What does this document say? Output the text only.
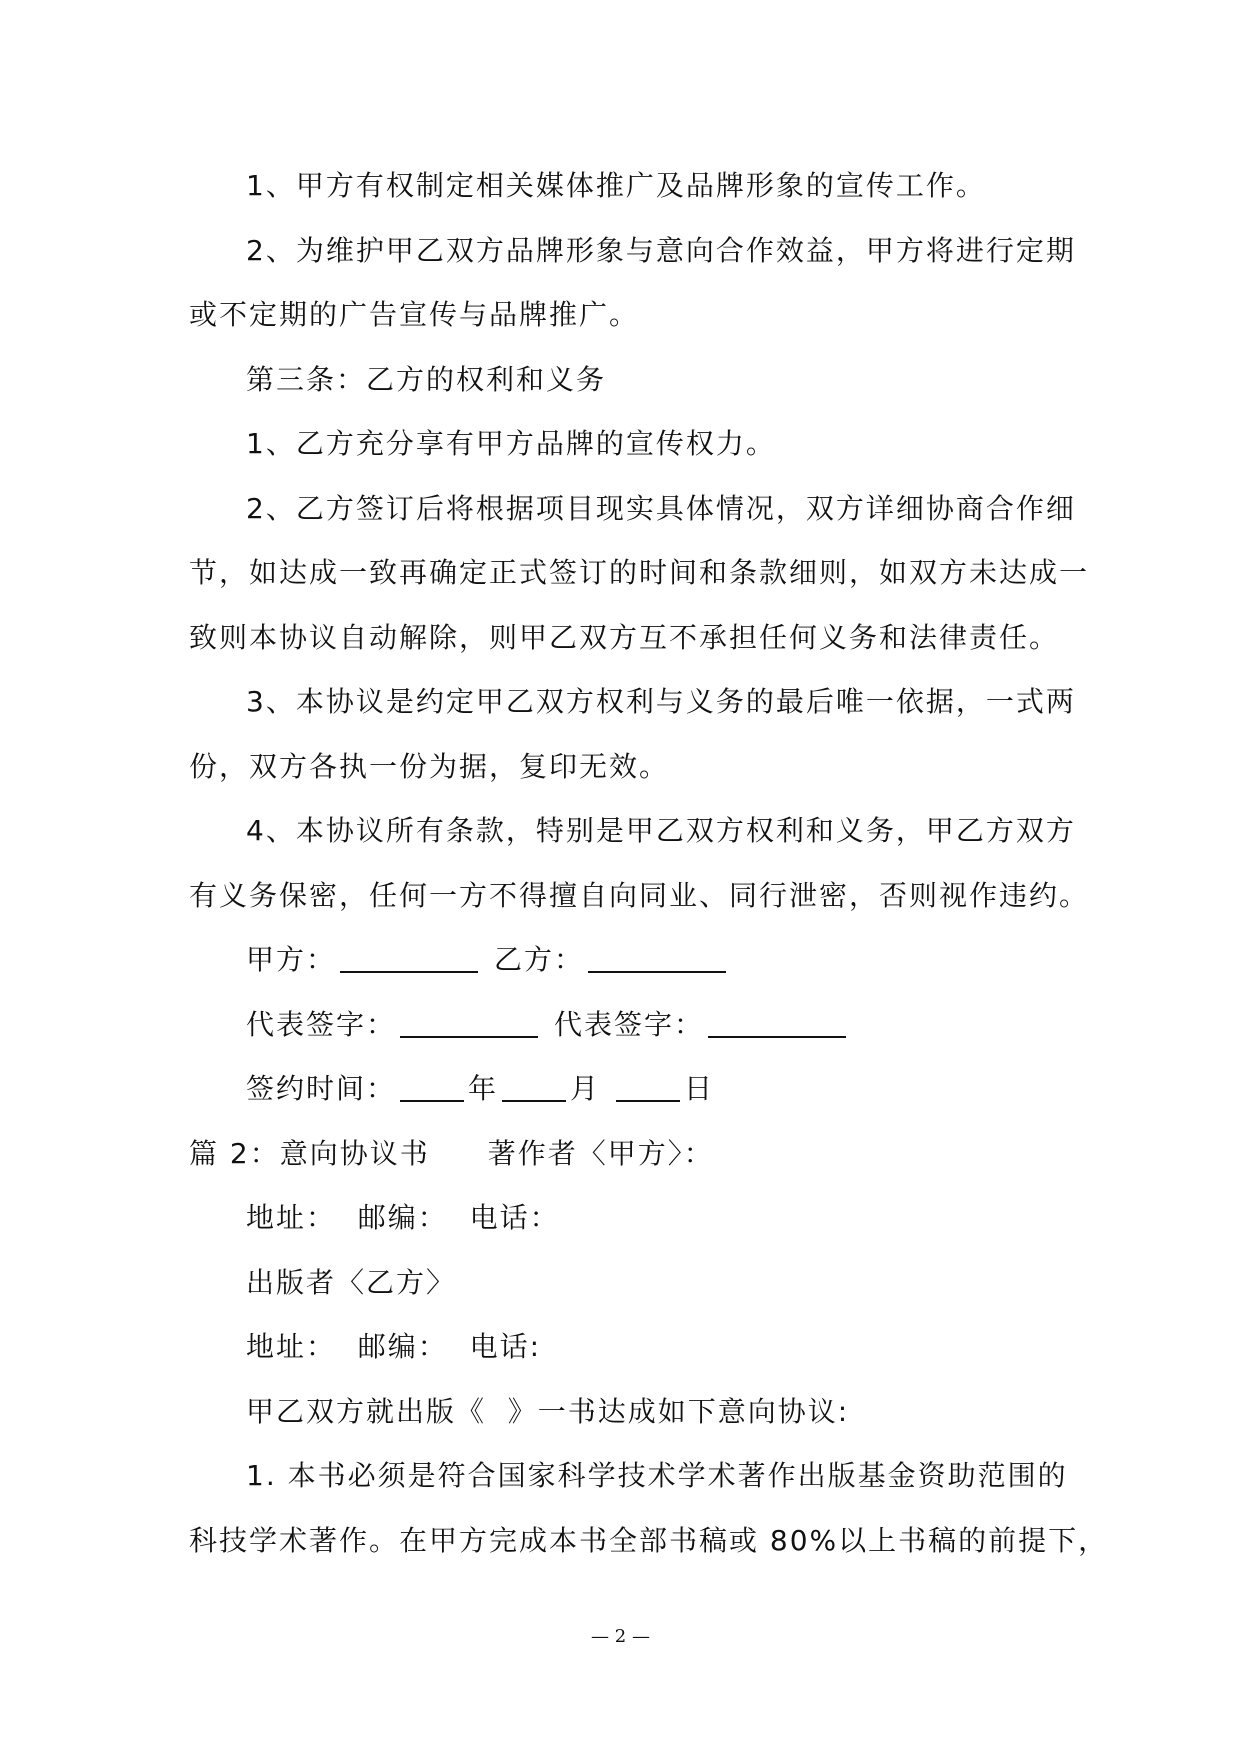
1、甲方有权制定相关媒体推广及品牌形象的宣传工作。

2、为维护甲乙双方品牌形象与意向合作效益，甲方将进行定期

或不定期的广告宣传与品牌推广。

第三条：乙方的权利和义务

1、乙方充分享有甲方品牌的宣传权力。

2、乙方签订后将根据项目现实具体情况，双方详细协商合作细

节，如达成一致再确定正式签订的时间和条款细则，如双方未达成一

致则本协议自动解除，则甲乙双方互不承担任何义务和法律责任。

3、本协议是约定甲乙双方权利与义务的最后唯一依据，一式两

份，双方各执一份为据，复印无效。

4、本协议所有条款，特别是甲乙双方权利和义务，甲乙方双方

有义务保密，任何一方不得擅自向同业、同行泄密，否则视作违约。

甲方：	乙方：
代表签字：	代表签字：
签约时间：	年	月	日

篇 2：意向协议书 著作者〈甲方〉：

地址：  邮编：  电话：

出版者〈乙方〉

地址：  邮编：  电话:

甲乙双方就出版《  》一书达成如下意向协议:

1. 本书必须是符合国家科学技术学术著作出版基金资助范围的

科技学术著作。在甲方完成本书全部书稿或 80%以上书稿的前提下，

— 2 —
